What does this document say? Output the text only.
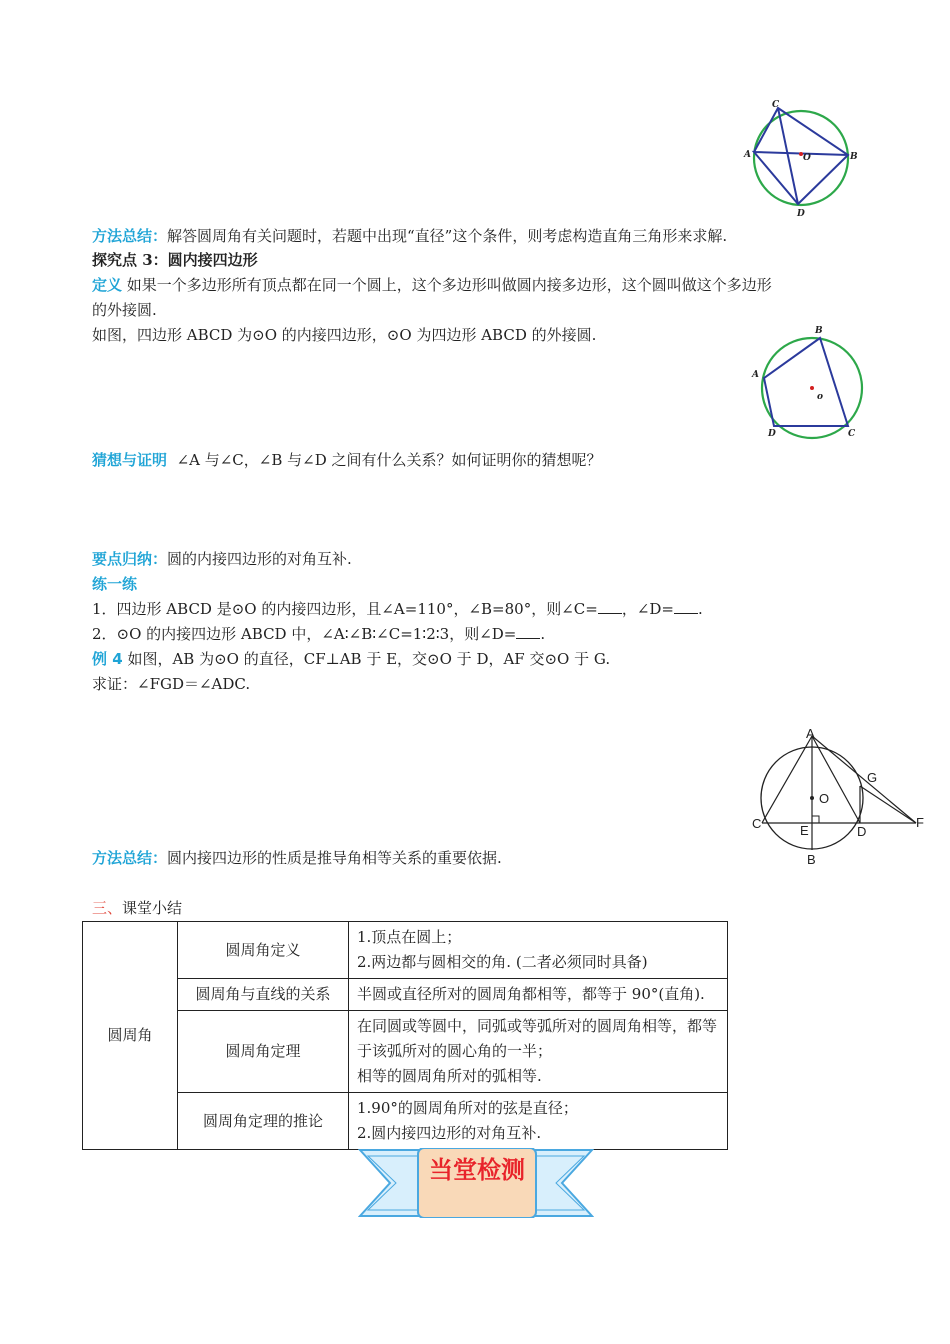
C
A	O	B
D
方法总结：解答圆周角有关问题时，若题中出现“直径”这个条件，则考虑构造直角三角形来求解.
探究点 3：圆内接四边形
定义 如果一个多边形所有顶点都在同一个圆上，这个多边形叫做圆内接多边形，这个圆叫做这个多边形
的外接圆.
如图，四边形 ABCD 为⊙O 的内接四边形，⊙O 为四边形 ABCD 的外接圆.	B
A
o
D	C
猜想与证明 ∠A 与∠C，∠B 与∠D 之间有什么关系？如何证明你的猜想呢？
要点归纳：圆的内接四边形的对角互补.
练一练
1．四边形 ABCD 是⊙O 的内接四边形，且∠A=110°，∠B=80°，则∠C= ，∠D= .
2．⊙O 的内接四边形 ABCD 中，∠A∶∠B∶∠C=1∶2∶3，则∠D= .
例 4 如图，AB 为⊙O 的直径，CF⊥AB 于 E，交⊙O 于 D，AF 交⊙O 于 G.
求证：∠FGD＝∠ADC.
A
G
O
C	E	D
F
B
方法总结：圆内接四边形的性质是推导角相等关系的重要依据.
三、课堂小结
圆周角	圆周角定义	1.顶点在圆上；
2.两边都与圆相交的角. (二者必须同时具备)

	圆周角与直线的关系	半圆或直径所对的圆周角都相等，都等于 90°(直角).

	圆周角定理	在同圆或等圆中，同弧或等弧所对的圆周角相等，都等于该弧所对的圆心角的一半；
相等的圆周角所对的弧相等.

	圆周角定理的推论	1.90°的圆周角所对的弦是直径；
2.圆内接四边形的对角互补.
当堂检测
